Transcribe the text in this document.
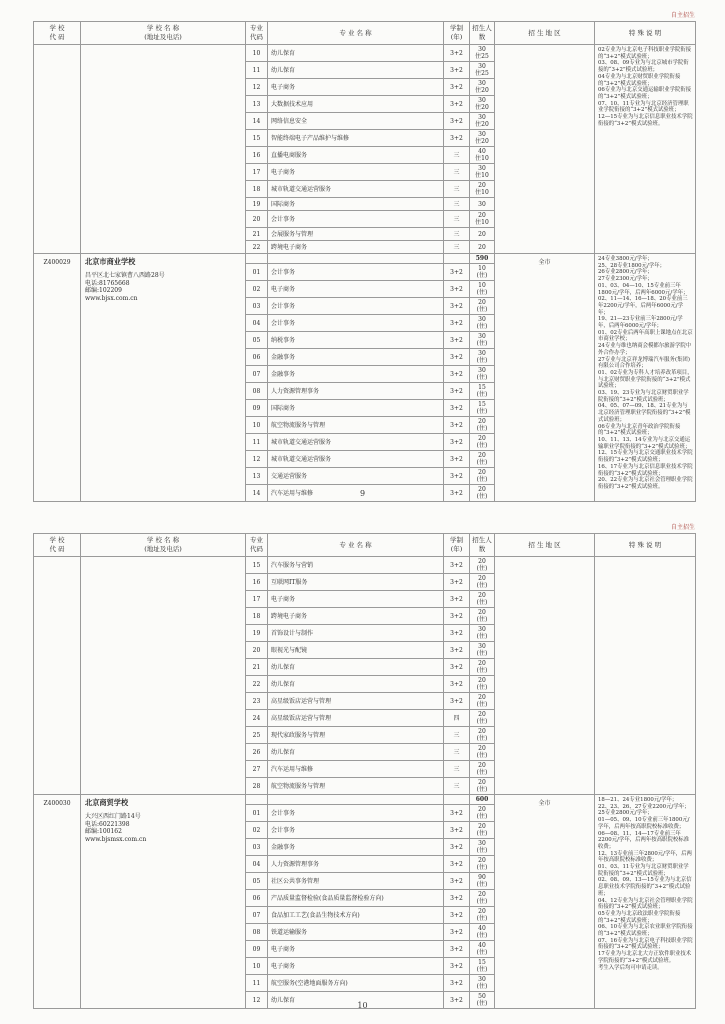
自主招生
学 校
代 码

学 校 名 称
(地址及电话)

专业
代码

专 业 名 称

学制
(年)

招生人数

招 生 地 区	特 殊 说 明

		10	幼儿保育	3+2	30
住25

02专业为与北京电子科技职业学院衔接的“3+2”模式试验班；
03、08、09专业为与北京城市学院衔接的“3+2”模式试验班；
04专业为与北京财贸职业学院衔接的“3+2”模式试验班；
06专业为与北京交通运输职业学院衔接的“3+2”模式试验班；
07、10、11专业为与北京经济管理职业学院衔接的“3+2”模式试验班；
12—15专业为与北京信息职业技术学院衔接的“3+2”模式试验班。

		11	幼儿保育	3+2	30
住25		

		12	电子商务	3+2	30
住20		

		13	大数据技术应用	3+2	30
住20		

		14	网络信息安全	3+2	30
住20		

		15	智能终端电子产品维护与维修	3+2	30
住20		

		16	直播电商服务	三	40
住10		

		17	电子商务	三	30
住10		

		18	城市轨道交通运营服务	三	20
住10		

		19	国际商务	三	30		

		20	会计事务	三	20
住10		

		21	会展服务与管理	三	20		

		22	跨境电子商务	三	20		

Z400029	北京市商业学校
昌平区北七家镇曹八西路28号
电话:81765668
邮编:102209
www.bjsx.com.cn
				590	全市	24专业3800元/学年；
25、28专业1800元/学年；
26专业2800元/学年；
27专业2300元/学年；
01、03、04—10、15专业前三年1800元/学年，后两年6000元/学年；
02、11—14、16—18、20专业前三年2200元/学年，后两年6000元/学年；
19、21—23专业前三年2800元/学年，后两年6000元/学年；
01、02专业后两年高职上课地点在北京市商业学校；
24专业与维也纳商会模都尔旅游学院中外合作办学；
27专业与北京祥龙博瑞汽车服务(集团)有限公司合作培养；
01、02专业为专科人才培养改革项目，与北京财贸职业学院衔接的“3+2”模式试验班；
03、19、23专业为与北京财贸职业学院衔接的“3+2”模式试验班；
04、05、07—09、18、21专业为与北京经济管理职业学院衔接的“3+2”模式试验班；
06专业为与北京青年政治学院衔接的“3+2”模式试验班；
10、11、13、14专业为与北京交通运输职业学院衔接的“3+2”模式试验班；
12、15专业为与北京交通职业技术学院衔接的“3+2”模式试验班；
16、17专业为与北京信息职业技术学院衔接的“3+2”模式试验班；
20、22专业为与北京社会管理职业学院衔接的“3+2”模式试验班。

		01	会计事务	3+2	10
(住)		

		02	电子商务	3+2	10
(住)		

		03	会计事务	3+2	20
(住)		

		04	会计事务	3+2	30
(住)		

		05	纳税事务	3+2	30
(住)		

		06	金融事务	3+2	30
(住)		

		07	金融事务	3+2	30
(住)		

		08	人力资源管理事务	3+2	15
(住)		

		09	国际商务	3+2	15
(住)		

		10	航空物流服务与管理	3+2	20
(住)		

		11	城市轨道交通运营服务	3+2	20
(住)		

		12	城市轨道交通运营服务	3+2	20
(住)		

		13	交通运营服务	3+2	20
(住)		

		14	汽车运用与维修	3+2	20
(住)		
9
自主招生
学 校
代 码

学 校 名 称
(地址及电话)

专业
代码

专 业 名 称

学制
(年)

招生人数

招 生 地 区	特 殊 说 明

		15	汽车服务与营销	3+2	20
(住)		

		16	互联网IT服务	3+2	20
(住)		

		17	电子商务	3+2	20
(住)		

		18	跨境电子商务	3+2	20
(住)		

		19	首饰设计与制作	3+2	30
(住)		

		20	眼视光与配镜	3+2	30
(住)		

		21	幼儿保育	3+2	20
(住)		

		22	幼儿保育	3+2	20
(住)		

		23	高星级饭店运营与管理	3+2	20
(住)		

		24	高星级饭店运营与管理	四	20
(住)		

		25	现代家政服务与管理	三	20
(住)		

		26	幼儿保育	三	20
(住)		

		27	汽车运用与维修	三	20
(住)		

		28	航空物流服务与管理	三	20
(住)		

Z400030	北京商贸学校
大兴区西红门路14号
电话:60221398
邮编:100162
www.bjsmsx.com.cn
				600	全市	18—21、24专业1800元/学年；
22、23、26、27专业2200元/学年；
25专业2800元/学年；
01—05、09、10专业前三年1800元/学年，后两年按高职院校标准收费；
06—08、11、14—17专业前三年2200元/学年，后两年按高职院校标准收费；
12、13专业前三年2800元/学年，后两年按高职院校标准收费；
01、03、11专业为与北京财贸职业学院衔接的“3+2”模式试验班；
02、08、09、13—15专业为与北京信息职业技术学院衔接的“3+2”模式试验班；
04、12专业为与北京社会管理职业学院衔接的“3+2”模式试验班；
05专业为与北京政法职业学院衔接的“3+2”模式试验班；
06、10专业为与北京农业职业学院衔接的“3+2”模式试验班；
07、16专业为与北京电子科技职业学院衔接的“3+2”模式试验班；
17专业为与北京北大方正软件职业技术学院衔接的“3+2”模式试验班。
考生入学后均可申请走读。

		01	会计事务	3+2	20
(住)		

		02	会计事务	3+2	20
(住)		

		03	金融事务	3+2	30
(住)		

		04	人力资源管理事务	3+2	20
(住)		

		05	社区公共事务管理	3+2	90
(住)		

		06	产品质量监督检验(食品质量监督检验方向)	3+2	20
(住)		

		07	食品加工工艺(食品生物技术方向)	3+2	20
(住)		

		08	铁道运输服务	3+2	40
(住)		

		09	电子商务	3+2	40
(住)		

		10	电子商务	3+2	15
(住)		

		11	航空服务(空港地面服务方向)	3+2	30
(住)		

		12	幼儿保育	3+2	50
(住)		
10
